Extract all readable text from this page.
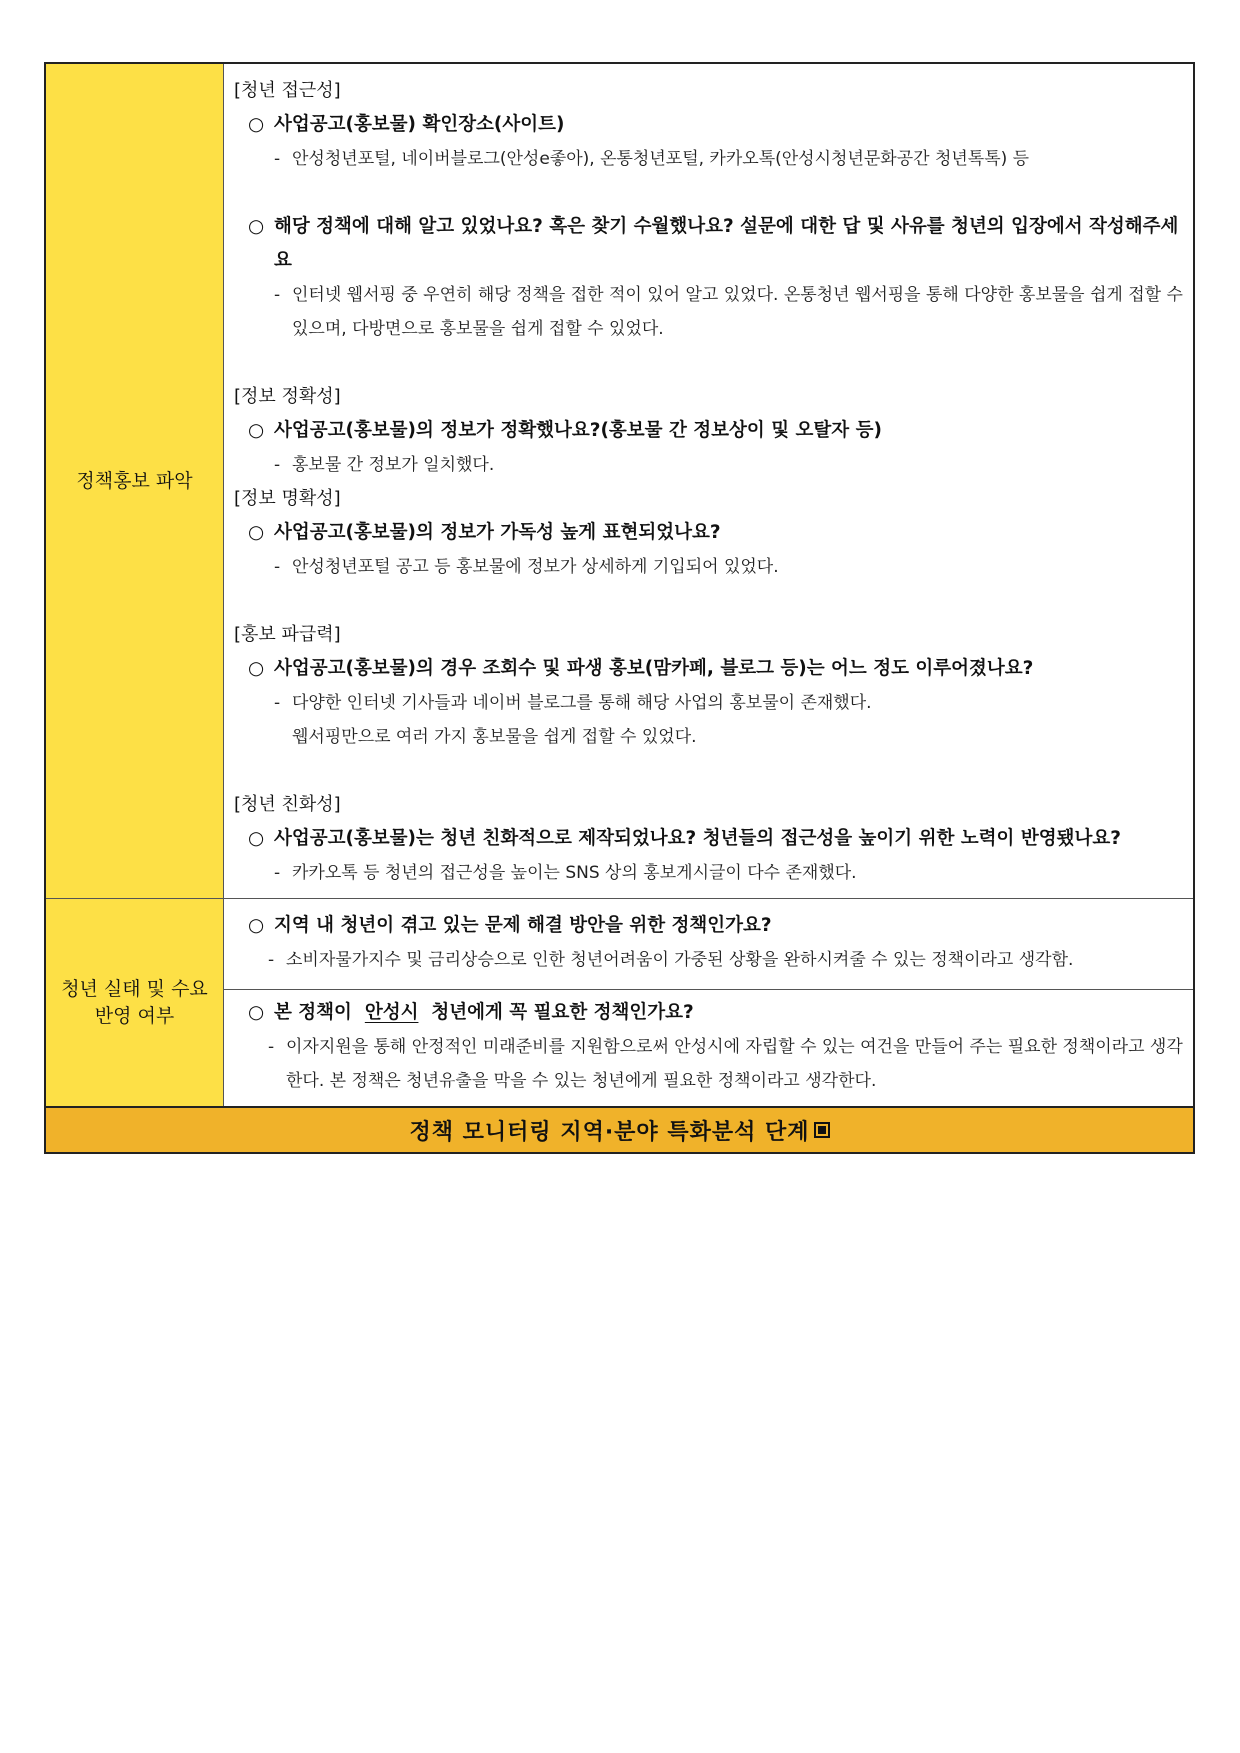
정책홍보 파악
[청년 접근성]
○ 사업공고(홍보물) 확인장소(사이트)
- 안성청년포털, 네이버블로그(안성e좋아), 온통청년포털, 카카오톡(안성시청년문화공간 청년톡톡) 등
○ 해당 정책에 대해 알고 있었나요? 혹은 찾기 수월했나요? 설문에 대한 답 및 사유를 청년의 입장에서 작성해주세요
- 인터넷 웹서핑 중 우연히 해당 정책을 접한 적이 있어 알고 있었다. 온통청년 웹서핑을 통해 다양한 홍보물을 쉽게 접할 수 있으며, 다방면으로 홍보물을 쉽게 접할 수 있었다.
[정보 정확성]
○ 사업공고(홍보물)의 정보가 정확했나요?(홍보물 간 정보상이 및 오탈자 등)
- 홍보물 간 정보가 일치했다.
[정보 명확성]
○ 사업공고(홍보물)의 정보가 가독성 높게 표현되었나요?
- 안성청년포털 공고 등 홍보물에 정보가 상세하게 기입되어 있었다.
[홍보 파급력]
○ 사업공고(홍보물)의 경우 조회수 및 파생 홍보(맘카페, 블로그 등)는 어느 정도 이루어졌나요?
- 다양한 인터넷 기사들과 네이버 블로그를 통해 해당 사업의 홍보물이 존재했다.
웹서핑만으로 여러 가지 홍보물을 쉽게 접할 수 있었다.
[청년 친화성]
○ 사업공고(홍보물)는 청년 친화적으로 제작되었나요? 청년들의 접근성을 높이기 위한 노력이 반영됐나요?
- 카카오톡 등 청년의 접근성을 높이는 SNS 상의 홍보게시글이 다수 존재했다.
청년 실태 및 수요 반영 여부
○ 지역 내 청년이 겪고 있는 문제 해결 방안을 위한 정책인가요?
- 소비자물가지수 및 금리상승으로 인한 청년어려움이 가중된 상황을 완하시켜줄 수 있는 정책이라고 생각함.
○ 본 정책이 안성시 청년에게 꼭 필요한 정책인가요?
- 이자지원을 통해 안정적인 미래준비를 지원함으로써 안성시에 자립할 수 있는 여건을 만들어 주는 필요한 정책이라고 생각한다. 본 정책은 청년유출을 막을 수 있는 청년에게 필요한 정책이라고 생각한다.
정책 모니터링 지역·분야 특화분석 단계
